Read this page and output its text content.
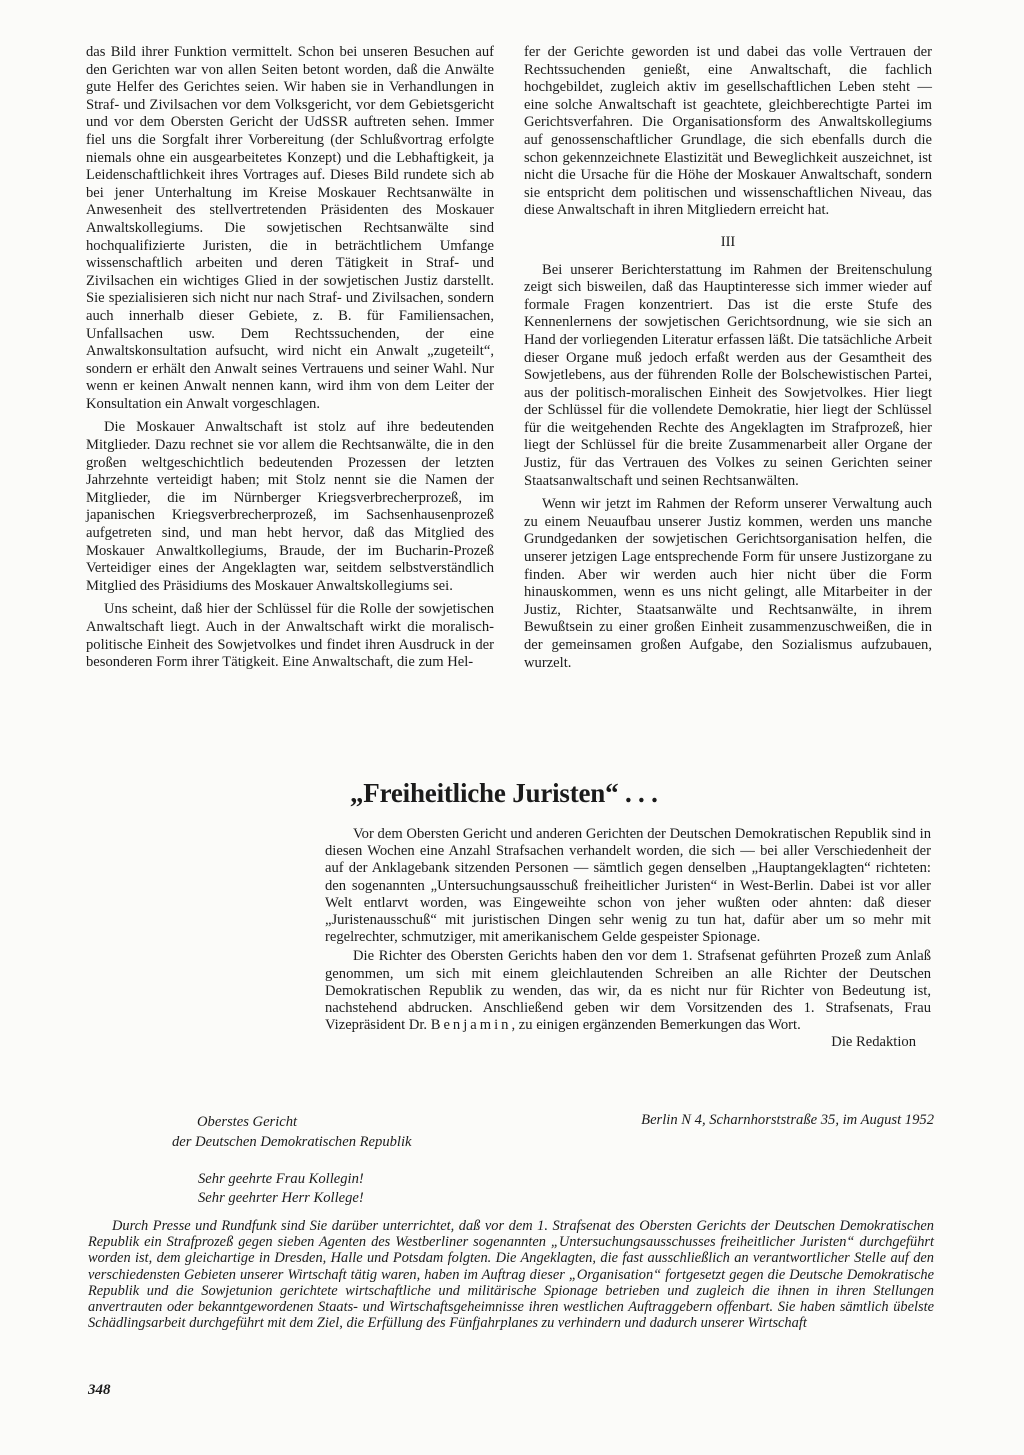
das Bild ihrer Funktion vermittelt. Schon bei unseren Besuchen auf den Gerichten war von allen Seiten betont worden, daß die Anwälte gute Helfer des Gerichtes seien. Wir haben sie in Verhandlungen in Straf- und Zivilsachen vor dem Volksgericht, vor dem Gebietsgericht und vor dem Obersten Gericht der UdSSR auftreten sehen. Immer fiel uns die Sorgfalt ihrer Vorbereitung (der Schlußvortrag erfolgte niemals ohne ein ausgearbeitetes Konzept) und die Lebhaftigkeit, ja Leidenschaftlichkeit ihres Vortrages auf. Dieses Bild rundete sich ab bei jener Unterhaltung im Kreise Moskauer Rechtsanwälte in Anwesenheit des stellvertretenden Präsidenten des Moskauer Anwaltskollegiums. Die sowjetischen Rechtsanwälte sind hochqualifizierte Juristen, die in beträchtlichem Umfange wissenschaftlich arbeiten und deren Tätigkeit in Straf- und Zivilsachen ein wichtiges Glied in der sowjetischen Justiz darstellt. Sie spezialisieren sich nicht nur nach Straf- und Zivilsachen, sondern auch innerhalb dieser Gebiete, z. B. für Familiensachen, Unfallsachen usw. Dem Rechtssuchenden, der eine Anwaltskonsultation aufsucht, wird nicht ein Anwalt „zugeteilt“, sondern er erhält den Anwalt seines Vertrauens und seiner Wahl. Nur wenn er keinen Anwalt nennen kann, wird ihm von dem Leiter der Konsultation ein Anwalt vorgeschlagen.

Die Moskauer Anwaltschaft ist stolz auf ihre bedeutenden Mitglieder. Dazu rechnet sie vor allem die Rechtsanwälte, die in den großen weltgeschichtlich bedeutenden Prozessen der letzten Jahrzehnte verteidigt haben; mit Stolz nennt sie die Namen der Mitglieder, die im Nürnberger Kriegsverbrecherprozeß, im japanischen Kriegsverbrecherprozeß, im Sachsenhausenprozeß aufgetreten sind, und man hebt hervor, daß das Mitglied des Moskauer Anwaltkollegiums, Braude, der im Bucharin-Prozeß Verteidiger eines der Angeklagten war, seitdem selbstverständlich Mitglied des Präsidiums des Moskauer Anwaltskollegiums sei.

Uns scheint, daß hier der Schlüssel für die Rolle der sowjetischen Anwaltschaft liegt. Auch in der Anwaltschaft wirkt die moralisch-politische Einheit des Sowjetvolkes und findet ihren Ausdruck in der besonderen Form ihrer Tätigkeit. Eine Anwaltschaft, die zum Hel-

fer der Gerichte geworden ist und dabei das volle Vertrauen der Rechtssuchenden genießt, eine Anwaltschaft, die fachlich hochgebildet, zugleich aktiv im gesellschaftlichen Leben steht — eine solche Anwaltschaft ist geachtete, gleichberechtigte Partei im Gerichtsverfahren. Die Organisationsform des Anwaltskollegiums auf genossenschaftlicher Grundlage, die sich ebenfalls durch die schon gekennzeichnete Elastizität und Beweglichkeit auszeichnet, ist nicht die Ursache für die Höhe der Moskauer Anwaltschaft, sondern sie entspricht dem politischen und wissenschaftlichen Niveau, das diese Anwaltschaft in ihren Mitgliedern erreicht hat.

III

Bei unserer Berichterstattung im Rahmen der Breitenschulung zeigt sich bisweilen, daß das Hauptinteresse sich immer wieder auf formale Fragen konzentriert. Das ist die erste Stufe des Kennenlernens der sowjetischen Gerichtsordnung, wie sie sich an Hand der vorliegenden Literatur erfassen läßt. Die tatsächliche Arbeit dieser Organe muß jedoch erfaßt werden aus der Gesamtheit des Sowjetlebens, aus der führenden Rolle der Bolschewistischen Partei, aus der politisch-moralischen Einheit des Sowjetvolkes. Hier liegt der Schlüssel für die vollendete Demokratie, hier liegt der Schlüssel für die weitgehenden Rechte des Angeklagten im Strafprozeß, hier liegt der Schlüssel für die breite Zusammenarbeit aller Organe der Justiz, für das Vertrauen des Volkes zu seinen Gerichten seiner Staatsanwaltschaft und seinen Rechtsanwälten.

Wenn wir jetzt im Rahmen der Reform unserer Verwaltung auch zu einem Neuaufbau unserer Justiz kommen, werden uns manche Grundgedanken der sowjetischen Gerichtsorganisation helfen, die unserer jetzigen Lage entsprechende Form für unsere Justizorgane zu finden. Aber wir werden auch hier nicht über die Form hinauskommen, wenn es uns nicht gelingt, alle Mitarbeiter in der Justiz, Richter, Staatsanwälte und Rechtsanwälte, in ihrem Bewußtsein zu einer großen Einheit zusammenzuschweißen, die in der gemeinsamen großen Aufgabe, den Sozialismus aufzubauen, wurzelt.

„Freiheitliche Juristen“ . . .

Vor dem Obersten Gericht und anderen Gerichten der Deutschen Demokratischen Republik sind in diesen Wochen eine Anzahl Strafsachen verhandelt worden, die sich — bei aller Verschiedenheit der auf der Anklagebank sitzenden Personen — sämtlich gegen denselben „Hauptangeklagten“ richteten: den sogenannten „Untersuchungsausschuß freiheitlicher Juristen“ in West-Berlin. Dabei ist vor aller Welt entlarvt worden, was Eingeweihte schon von jeher wußten oder ahnten: daß dieser „Juristenausschuß“ mit juristischen Dingen sehr wenig zu tun hat, dafür aber um so mehr mit regelrechter, schmutziger, mit amerikanischem Gelde gespeister Spionage.

Die Richter des Obersten Gerichts haben den vor dem 1. Strafsenat geführten Prozeß zum Anlaß genommen, um sich mit einem gleichlautenden Schreiben an alle Richter der Deutschen Demokratischen Republik zu wenden, das wir, da es nicht nur für Richter von Bedeutung ist, nachstehend abdrucken. Anschließend geben wir dem Vorsitzenden des 1. Strafsenats, Frau Vizepräsident Dr. Benjamin, zu einigen ergänzenden Bemerkungen das Wort.

Die Redaktion

Oberstes Gericht
der Deutschen Demokratischen Republik
Berlin N 4, Scharnhorststraße 35, im August 1952
Sehr geehrte Frau Kollegin!
Sehr geehrter Herr Kollege!

Durch Presse und Rundfunk sind Sie darüber unterrichtet, daß vor dem 1. Strafsenat des Obersten Gerichts der Deutschen Demokratischen Republik ein Strafprozeß gegen sieben Agenten des Westberliner sogenannten „Untersuchungsausschusses freiheitlicher Juristen“ durchgeführt worden ist, dem gleichartige in Dresden, Halle und Potsdam folgten. Die Angeklagten, die fast ausschließlich an verantwortlicher Stelle auf den verschiedensten Gebieten unserer Wirtschaft tätig waren, haben im Auftrag dieser „Organisation“ fortgesetzt gegen die Deutsche Demokratische Republik und die Sowjetunion gerichtete wirtschaftliche und militärische Spionage betrieben und zugleich die ihnen in ihren Stellungen anvertrauten oder bekanntgewordenen Staats- und Wirtschaftsgeheimnisse ihren westlichen Auftraggebern offenbart. Sie haben sämtlich übelste Schädlingsarbeit durchgeführt mit dem Ziel, die Erfüllung des Fünfjahrplanes zu verhindern und dadurch unserer Wirtschaft

348
